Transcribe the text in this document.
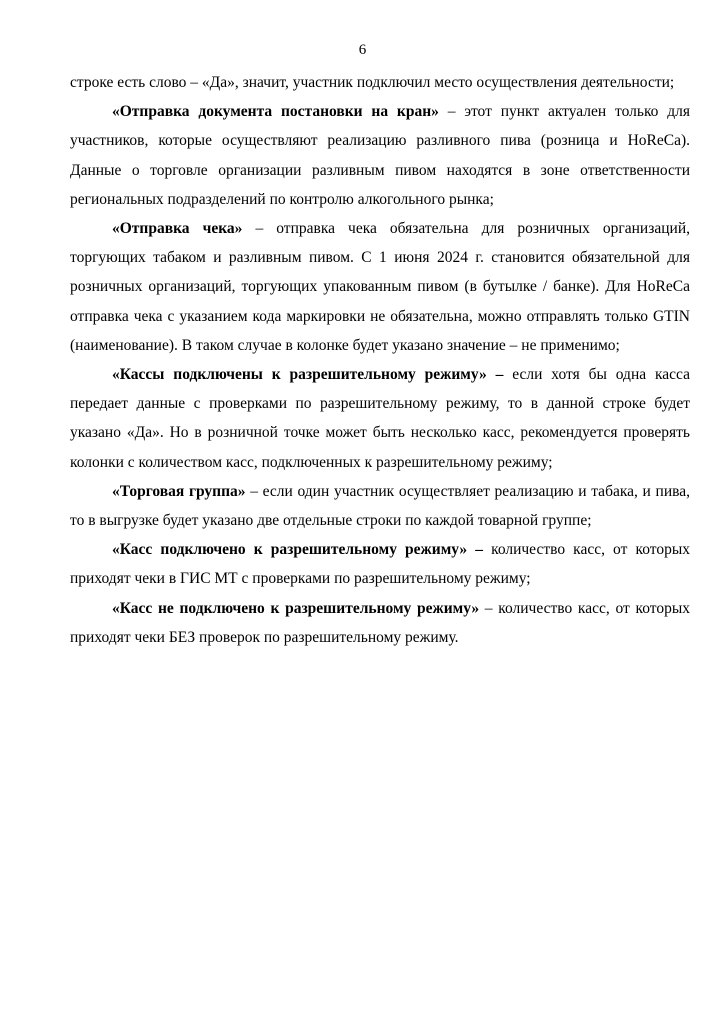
6

строке есть слово – «Да», значит, участник подключил место осуществления деятельности;

«Отправка документа постановки на кран» – этот пункт актуален только для участников, которые осуществляют реализацию разливного пива (розница и HoReCa). Данные о торговле организации разливным пивом находятся в зоне ответственности региональных подразделений по контролю алкогольного рынка;

«Отправка чека» – отправка чека обязательна для розничных организаций, торгующих табаком и разливным пивом. С 1 июня 2024 г. становится обязательной для розничных организаций, торгующих упакованным пивом (в бутылке / банке). Для HoReCa отправка чека с указанием кода маркировки не обязательна, можно отправлять только GTIN (наименование). В таком случае в колонке будет указано значение – не применимо;

«Кассы подключены к разрешительному режиму» – если хотя бы одна касса передает данные с проверками по разрешительному режиму, то в данной строке будет указано «Да». Но в розничной точке может быть несколько касс, рекомендуется проверять колонки с количеством касс, подключенных к разрешительному режиму;

«Торговая группа» – если один участник осуществляет реализацию и табака, и пива, то в выгрузке будет указано две отдельные строки по каждой товарной группе;

«Касс подключено к разрешительному режиму» – количество касс, от которых приходят чеки в ГИС МТ с проверками по разрешительному режиму;

«Касс не подключено к разрешительному режиму» – количество касс, от которых приходят чеки БЕЗ проверок по разрешительному режиму.
